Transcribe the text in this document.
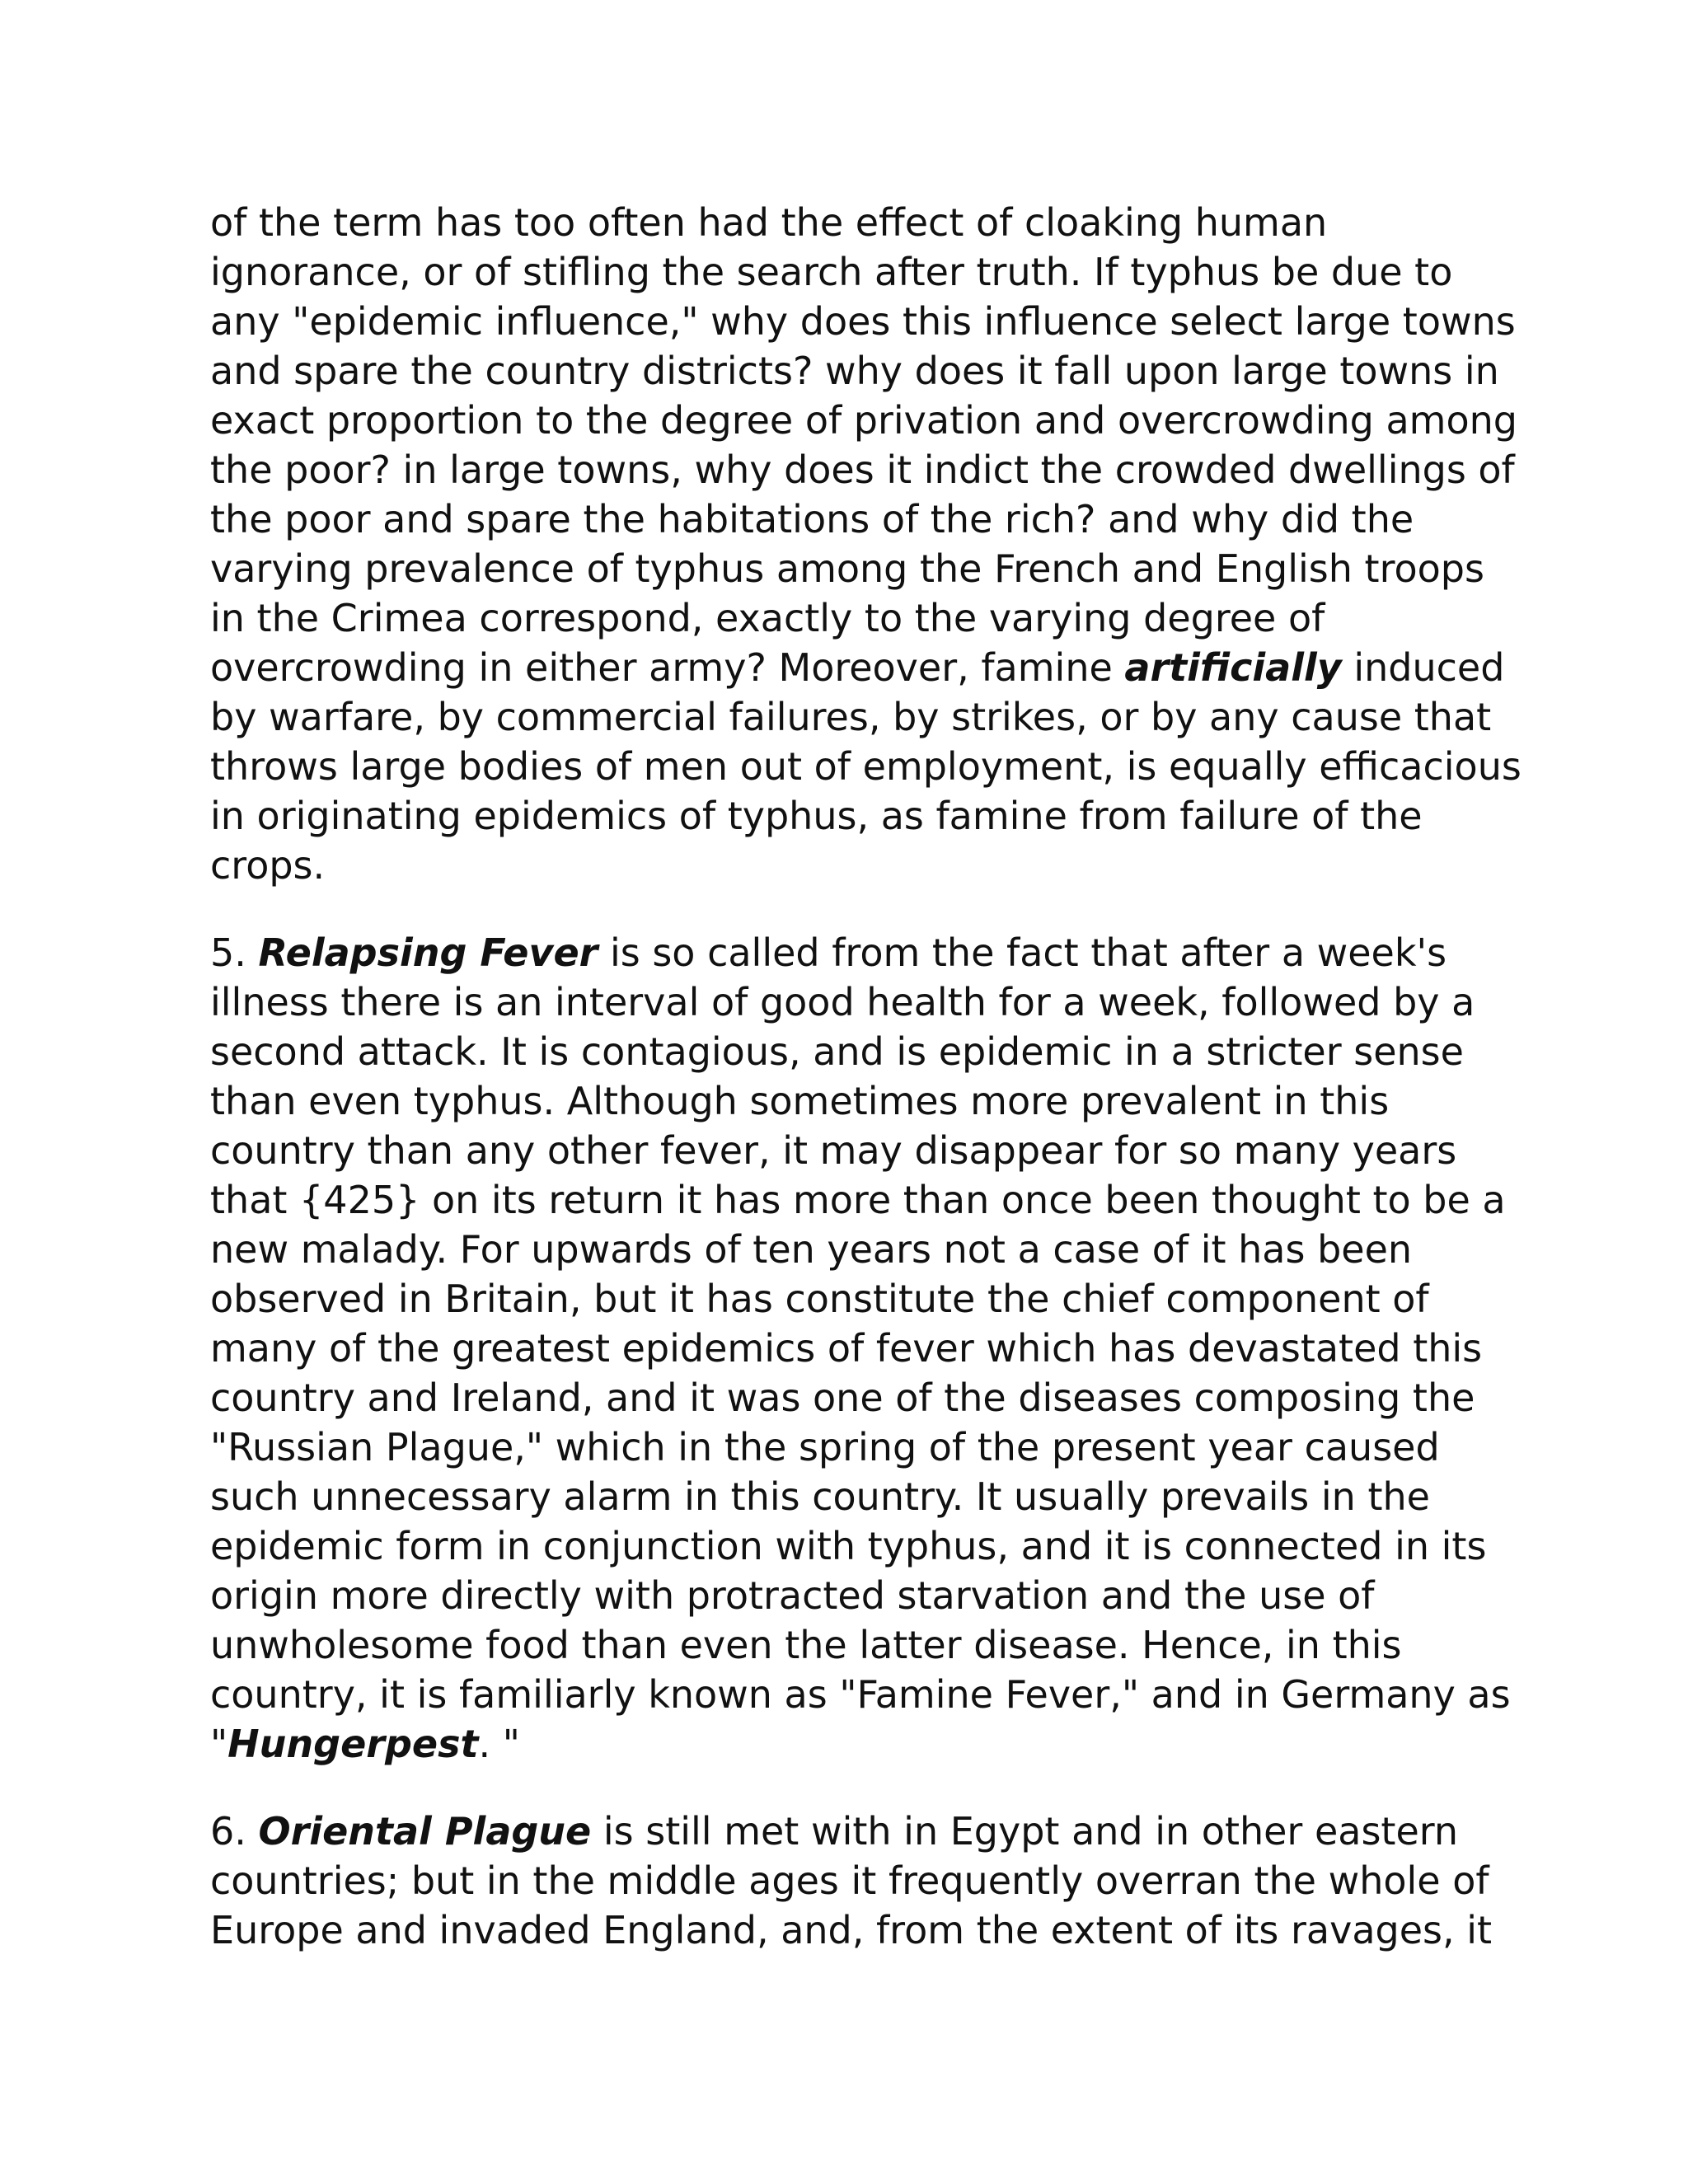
of the term has too often had the effect of cloaking human
ignorance, or of stifling the search after truth. If typhus be due to
any "epidemic influence," why does this influence select large towns
and spare the country districts? why does it fall upon large towns in
exact proportion to the degree of privation and overcrowding among
the poor? in large towns, why does it indict the crowded dwellings of
the poor and spare the habitations of the rich? and why did the
varying prevalence of typhus among the French and English troops
in the Crimea correspond, exactly to the varying degree of
overcrowding in either army? Moreover, famine artificially induced
by warfare, by commercial failures, by strikes, or by any cause that
throws large bodies of men out of employment, is equally efficacious
in originating epidemics of typhus, as famine from failure of the
crops.
5. Relapsing Fever is so called from the fact that after a week's
illness there is an interval of good health for a week, followed by a
second attack. It is contagious, and is epidemic in a stricter sense
than even typhus. Although sometimes more prevalent in this
country than any other fever, it may disappear for so many years
that {425} on its return it has more than once been thought to be a
new malady. For upwards of ten years not a case of it has been
observed in Britain, but it has constitute the chief component of
many of the greatest epidemics of fever which has devastated this
country and Ireland, and it was one of the diseases composing the
"Russian Plague," which in the spring of the present year caused
such unnecessary alarm in this country. It usually prevails in the
epidemic form in conjunction with typhus, and it is connected in its
origin more directly with protracted starvation and the use of
unwholesome food than even the latter disease. Hence, in this
country, it is familiarly known as "Famine Fever," and in Germany as
"Hungerpest. "
6. Oriental Plague is still met with in Egypt and in other eastern
countries; but in the middle ages it frequently overran the whole of
Europe and invaded England, and, from the extent of its ravages, it
